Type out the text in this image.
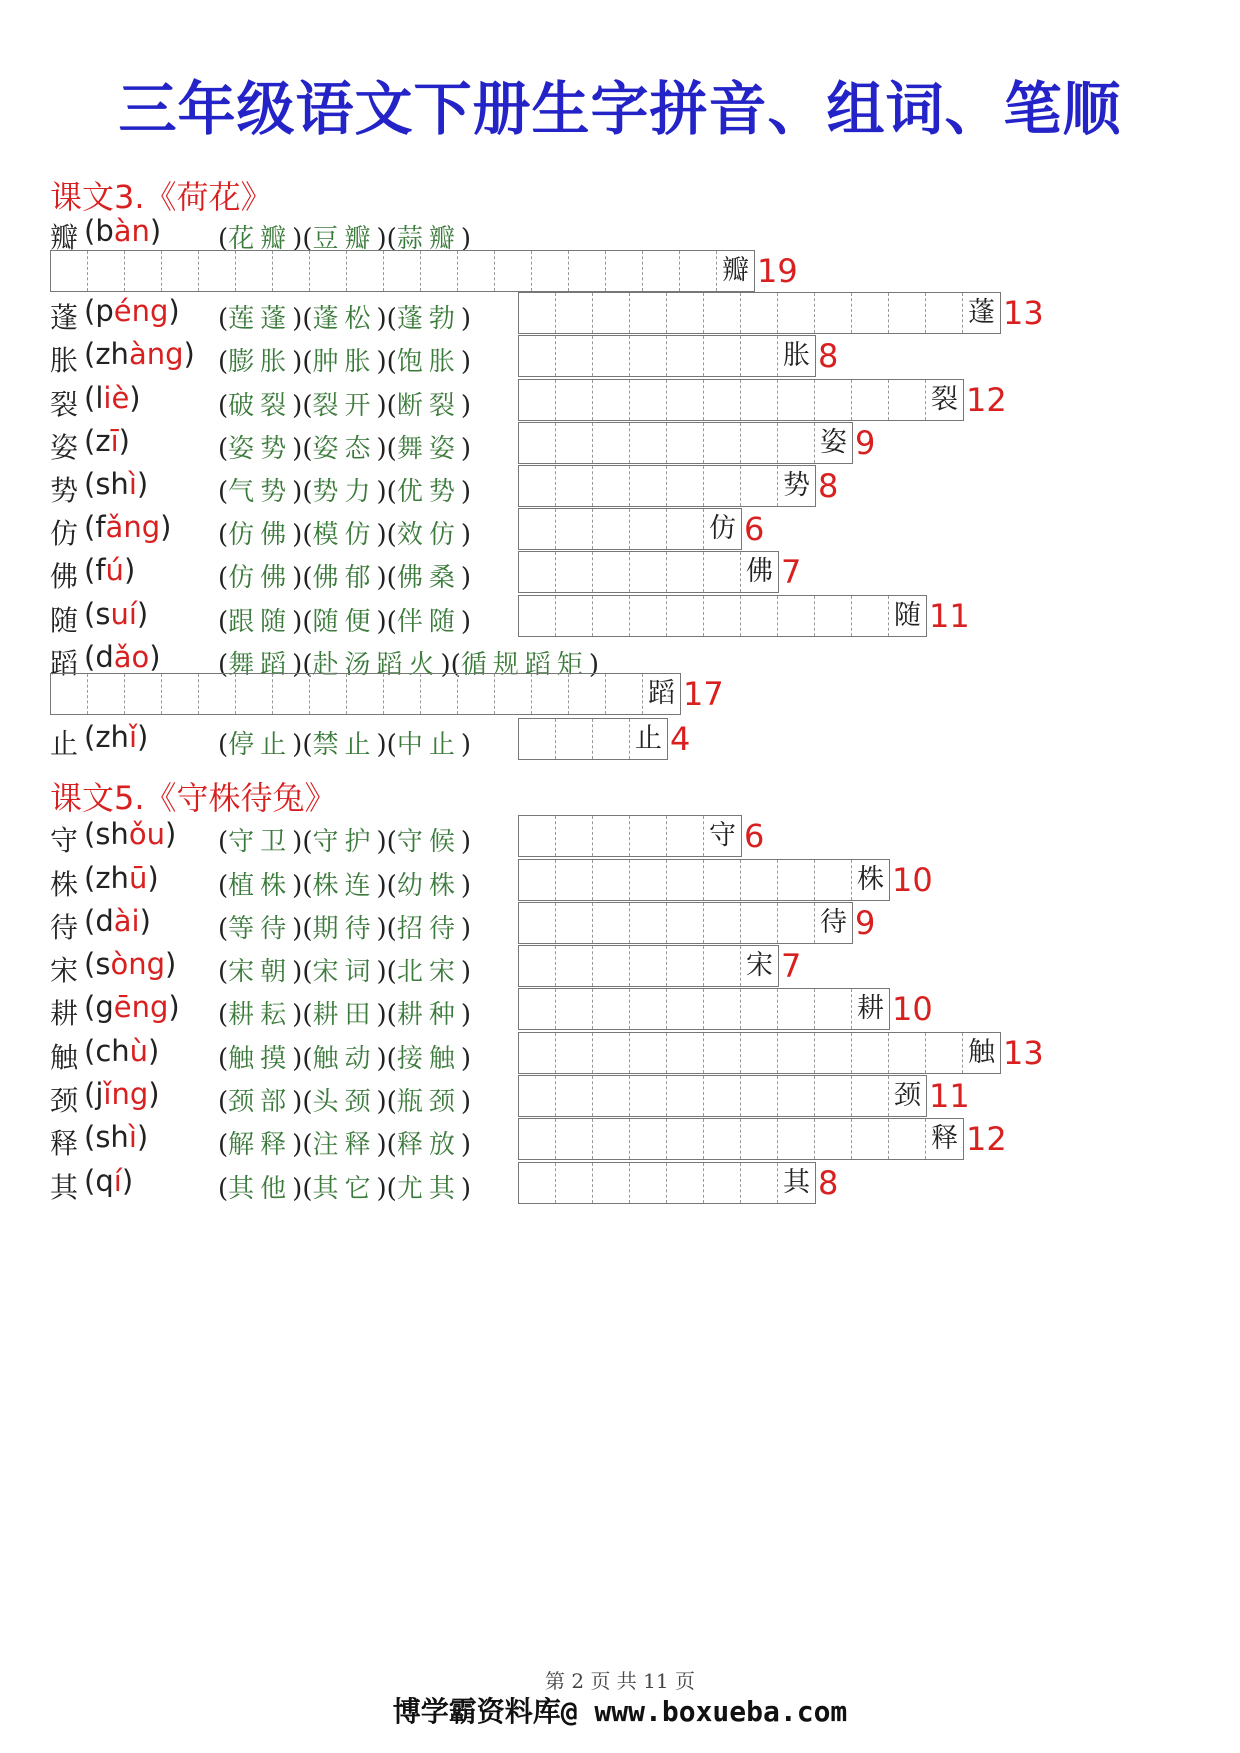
三年级语文下册生字拼音、组词、笔顺
课文3.《荷花》
瓣 (bàn) (花瓣)(豆瓣)(蒜瓣)
瓣 19
蓬 (péng) (莲蓬)(蓬松)(蓬勃)	蓬 13
胀 (zhàng) (膨胀)(肿胀)(饱胀)	胀 8
裂 (liè)	(破裂)(裂开)(断裂)	裂 12
姿 (zī)	(姿势)(姿态)(舞姿)	姿 9
势 (shì)	(气势)(势力)(优势)	势 8
仿 (fǎng) (仿佛)(模仿)(效仿)	仿 6
佛 (fú)	(仿佛)(佛郁)(佛桑)	佛 7
随 (suí)	(跟随)(随便)(伴随)	随 11
蹈 (dǎo) (舞蹈)(赴汤蹈火)(循规蹈矩)
蹈 17
止 (zhǐ)	(停止)(禁止)(中止)	止 4
课文5.《守株待兔》
守 (shǒu) (守卫)(守护)(守候)	守 6
株 (zhū) (植株)(株连)(幼株)	株 10
待 (dài)	(等待)(期待)(招待)	待 9
宋 (sòng) (宋朝)(宋词)(北宋)	宋 7
耕 (gēng) (耕耘)(耕田)(耕种)	耕 10
触 (chù) (触摸)(触动)(接触)	触 13
颈 (jǐng) (颈部)(头颈)(瓶颈)	颈 11
释 (shì)	(解释)(注释)(释放)	释 12
其 (qí)	(其他)(其它)(尤其)	其 8
第 2 页 共 11 页
博学霸资料库@ www.boxueba.com
